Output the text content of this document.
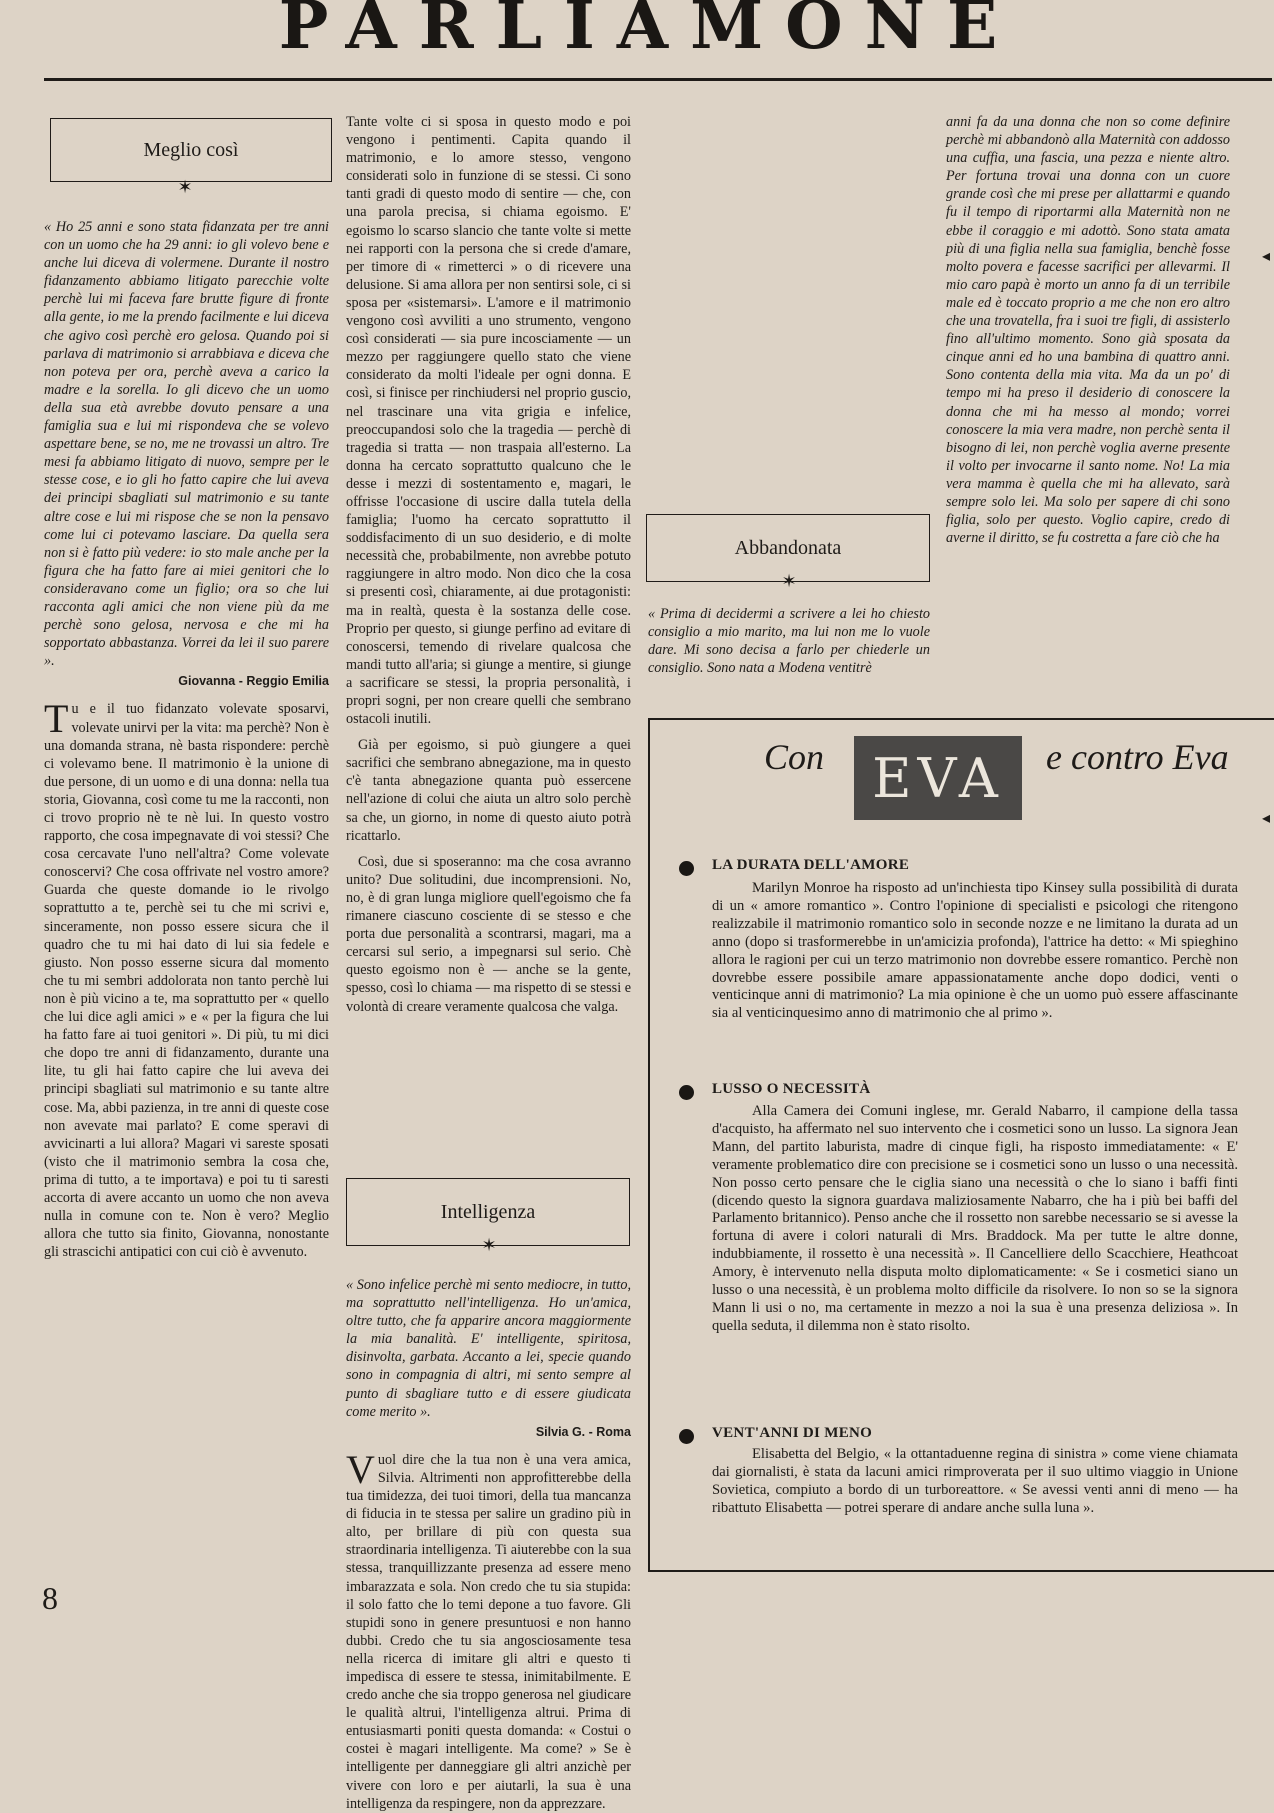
PARLIAMONE
Meglio così
✶

« Ho 25 anni e sono stata fidanzata per tre anni con un uomo che ha 29 anni: io gli volevo bene e anche lui diceva di volermene. Durante il nostro fidanzamento abbiamo litigato parecchie volte perchè lui mi faceva fare brutte figure di fronte alla gente, io me la prendo facilmente e lui diceva che agivo così perchè ero gelosa. Quando poi si parlava di matrimonio si arrabbiava e diceva che non poteva per ora, perchè aveva a carico la madre e la sorella. Io gli dicevo che un uomo della sua età avrebbe dovuto pensare a una famiglia sua e lui mi rispondeva che se volevo aspettare bene, se no, me ne trovassi un altro. Tre mesi fa abbiamo litigato di nuovo, sempre per le stesse cose, e io gli ho fatto capire che lui aveva dei principi sbagliati sul matrimonio e su tante altre cose e lui mi rispose che se non la pensavo come lui ci potevamo lasciare. Da quella sera non si è fatto più vedere: io sto male anche per la figura che ha fatto fare ai miei genitori che lo consideravano come un figlio; ora so che lui racconta agli amici che non viene più da me perchè sono gelosa, nervosa e che mi ha sopportato abbastanza. Vorrei da lei il suo parere ».

Giovanna - Reggio Emilia

Tu e il tuo fidanzato volevate sposarvi, volevate unirvi per la vita: ma perchè? Non è una domanda strana, nè basta rispondere: perchè ci volevamo bene. Il matrimonio è la unione di due persone, di un uomo e di una donna: nella tua storia, Giovanna, così come tu me la racconti, non ci trovo proprio nè te nè lui. In questo vostro rapporto, che cosa impegnavate di voi stessi? Che cosa cercavate l'uno nell'altra? Come volevate conoscervi? Che cosa offrivate nel vostro amore? Guarda che queste domande io le rivolgo soprattutto a te, perchè sei tu che mi scrivi e, sinceramente, non posso essere sicura che il quadro che tu mi hai dato di lui sia fedele e giusto. Non posso esserne sicura dal momento che tu mi sembri addolorata non tanto perchè lui non è più vicino a te, ma soprattutto per « quello che lui dice agli amici » e « per la figura che lui ha fatto fare ai tuoi genitori ». Di più, tu mi dici che dopo tre anni di fidanzamento, durante una lite, tu gli hai fatto capire che lui aveva dei principi sbagliati sul matrimonio e su tante altre cose. Ma, abbi pazienza, in tre anni di queste cose non avevate mai parlato? E come speravi di avvicinarti a lui allora? Magari vi sareste sposati (visto che il matrimonio sembra la cosa che, prima di tutto, a te importava) e poi tu ti saresti accorta di avere accanto un uomo che non aveva nulla in comune con te. Non è vero? Meglio allora che tutto sia finito, Giovanna, nonostante gli strascichi antipatici con cui ciò è avvenuto.

Tante volte ci si sposa in questo modo e poi vengono i pentimenti. Capita quando il matrimonio, e lo amore stesso, vengono considerati solo in funzione di se stessi. Ci sono tanti gradi di questo modo di sentire — che, con una parola precisa, si chiama egoismo. E' egoismo lo scarso slancio che tante volte si mette nei rapporti con la persona che si crede d'amare, per timore di « rimetterci » o di ricevere una delusione. Si ama allora per non sentirsi sole, ci si sposa per «sistemarsi». L'amore e il matrimonio vengono così avviliti a uno strumento, vengono così considerati — sia pure incosciamente — un mezzo per raggiungere quello stato che viene considerato da molti l'ideale per ogni donna. E così, si finisce per rinchiudersi nel proprio guscio, nel trascinare una vita grigia e infelice, preoccupandosi solo che la tragedia — perchè di tragedia si tratta — non traspaia all'esterno. La donna ha cercato soprattutto qualcuno che le desse i mezzi di sostentamento e, magari, le offrisse l'occasione di uscire dalla tutela della famiglia; l'uomo ha cercato soprattutto il soddisfacimento di un suo desiderio, e di molte necessità che, probabilmente, non avrebbe potuto raggiungere in altro modo. Non dico che la cosa si presenti così, chiaramente, ai due protagonisti: ma in realtà, questa è la sostanza delle cose. Proprio per questo, si giunge perfino ad evitare di conoscersi, temendo di rivelare qualcosa che mandi tutto all'aria; si giunge a mentire, si giunge a sacrificare se stessi, la propria personalità, i propri sogni, per non creare quelli che sembrano ostacoli inutili.

Già per egoismo, si può giungere a quei sacrifici che sembrano abnegazione, ma in questo c'è tanta abnegazione quanta può essercene nell'azione di colui che aiuta un altro solo perchè sa che, un giorno, in nome di questo aiuto potrà ricattarlo.

Così, due si sposeranno: ma che cosa avranno unito? Due solitudini, due incomprensioni. No, no, è di gran lunga migliore quell'egoismo che fa rimanere ciascuno cosciente di se stesso e che porta due personalità a scontrarsi, magari, ma a cercarsi sul serio, a impegnarsi sul serio. Chè questo egoismo non è — anche se la gente, spesso, così lo chiama — ma rispetto di se stessi e volontà di creare veramente qualcosa che valga.

Intelligenza
✶

« Sono infelice perchè mi sento mediocre, in tutto, ma soprattutto nell'intelligenza. Ho un'amica, oltre tutto, che fa apparire ancora maggiormente la mia banalità. E' intelligente, spiritosa, disinvolta, garbata. Accanto a lei, specie quando sono in compagnia di altri, mi sento sempre al punto di sbagliare tutto e di essere giudicata come merito ».

Silvia G. - Roma

Vuol dire che la tua non è una vera amica, Silvia. Altrimenti non approfitterebbe della tua timidezza, dei tuoi timori, della tua mancanza di fiducia in te stessa per salire un gradino più in alto, per brillare di più con questa sua straordinaria intelligenza. Ti aiuterebbe con la sua stessa, tranquillizzante presenza ad essere meno imbarazzata e sola. Non credo che tu sia stupida: il solo fatto che lo temi depone a tuo favore. Gli stupidi sono in genere presuntuosi e non hanno dubbi. Credo che tu sia angosciosamente tesa nella ricerca di imitare gli altri e questo ti impedisca di essere te stessa, inimitabilmente. E credo anche che sia troppo generosa nel giudicare le qualità altrui, l'intelligenza altrui. Prima di entusiasmarti poniti questa domanda: « Costui o costei è magari intelligente. Ma come? » Se è intelligente per danneggiare gli altri anzichè per vivere con loro e per aiutarli, la sua è una intelligenza da respingere, non da apprezzare.

Abbandonata
✶

« Prima di decidermi a scrivere a lei ho chiesto consiglio a mio marito, ma lui non me lo vuole dare. Mi sono decisa a farlo per chiederle un consiglio. Sono nata a Modena ventitrè

anni fa da una donna che non so come definire perchè mi abbandonò alla Maternità con addosso una cuffia, una fascia, una pezza e niente altro. Per fortuna trovai una donna con un cuore grande così che mi prese per allattarmi e quando fu il tempo di riportarmi alla Maternità non ne ebbe il coraggio e mi adottò. Sono stata amata più di una figlia nella sua famiglia, benchè fosse molto povera e facesse sacrifici per allevarmi. Il mio caro papà è morto un anno fa di un terribile male ed è toccato proprio a me che non ero altro che una trovatella, fra i suoi tre figli, di assisterlo fino all'ultimo momento. Sono già sposata da cinque anni ed ho una bambina di quattro anni. Sono contenta della mia vita. Ma da un po' di tempo mi ha preso il desiderio di conoscere la donna che mi ha messo al mondo; vorrei conoscere la mia vera madre, non perchè senta il bisogno di lei, non perchè voglia averne presente il volto per invocarne il santo nome. No! La mia vera mamma è quella che mi ha allevato, sarà sempre solo lei. Ma solo per sapere di chi sono figlia, solo per questo. Voglio capire, credo di averne il diritto, se fu costretta a fare ciò che ha

Con EVA e contro Eva
LA DURATA DELL'AMORE

Marilyn Monroe ha risposto ad un'inchiesta tipo Kinsey sulla possibilità di durata di un « amore romantico ». Contro l'opinione di specialisti e psicologi che ritengono realizzabile il matrimonio romantico solo in seconde nozze e ne limitano la durata ad un anno (dopo si trasformerebbe in un'amicizia profonda), l'attrice ha detto: « Mi spieghino allora le ragioni per cui un terzo matrimonio non dovrebbe essere romantico. Perchè non dovrebbe essere possibile amare appassionatamente anche dopo dodici, venti o venticinque anni di matrimonio? La mia opinione è che un uomo può essere affascinante sia al venticinquesimo anno di matrimonio che al primo ».

LUSSO O NECESSITÀ

Alla Camera dei Comuni inglese, mr. Gerald Nabarro, il campione della tassa d'acquisto, ha affermato nel suo intervento che i cosmetici sono un lusso. La signora Jean Mann, del partito laburista, madre di cinque figli, ha risposto immediatamente: « E' veramente problematico dire con precisione se i cosmetici sono un lusso o una necessità. Non posso certo pensare che le ciglia siano una necessità o che lo siano i baffi finti (dicendo questo la signora guardava maliziosamente Nabarro, che ha i più bei baffi del Parlamento britannico). Penso anche che il rossetto non sarebbe necessario se si avesse la fortuna di avere i colori naturali di Mrs. Braddock. Ma per tutte le altre donne, indubbiamente, il rossetto è una necessità ». Il Cancelliere dello Scacchiere, Heathcoat Amory, è intervenuto nella disputa molto diplomaticamente: « Se i cosmetici siano un lusso o una necessità, è un problema molto difficile da risolvere. Io non so se la signora Mann li usi o no, ma certamente in mezzo a noi la sua è una presenza deliziosa ». In quella seduta, il dilemma non è stato risolto.

VENT'ANNI DI MENO

Elisabetta del Belgio, « la ottantaduenne regina di sinistra » come viene chiamata dai giornalisti, è stata da lacuni amici rimproverata per il suo ultimo viaggio in Unione Sovietica, compiuto a bordo di un turboreattore. « Se avessi venti anni di meno — ha ribattuto Elisabetta — potrei sperare di andare anche sulla luna ».

8
◂
◂
